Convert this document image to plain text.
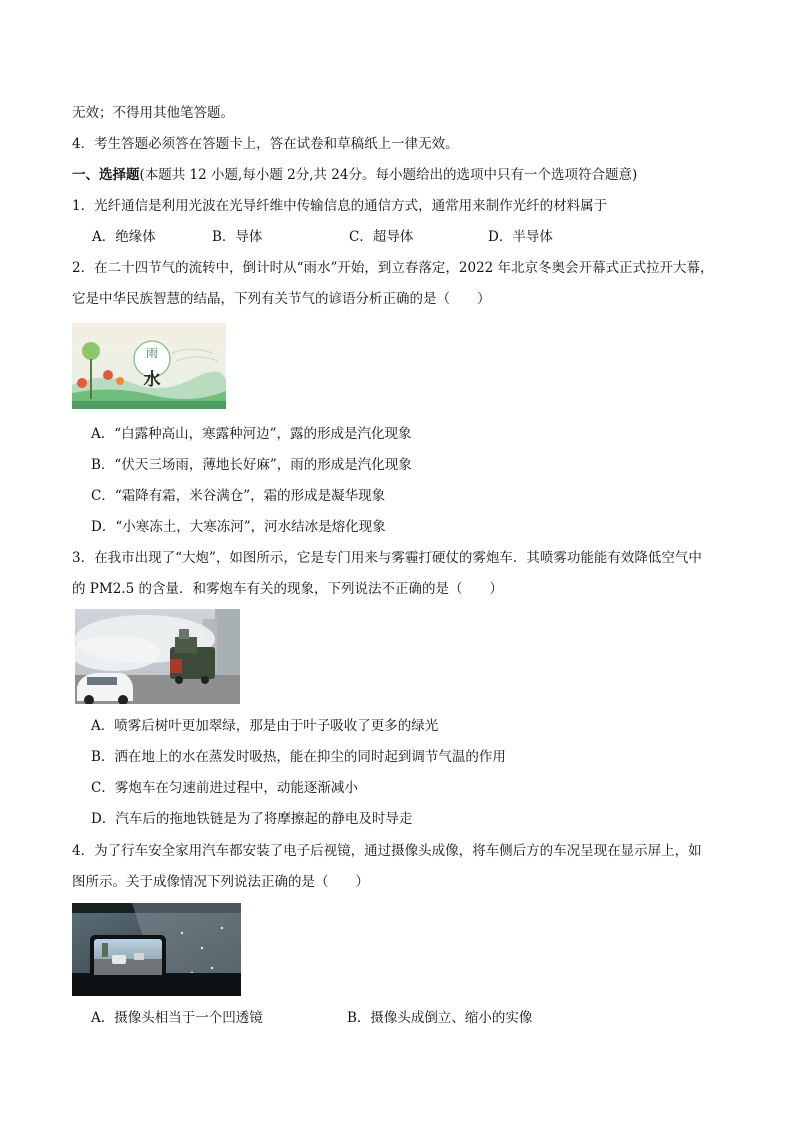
无效；不得用其他笔答题。
4．考生答题必须答在答题卡上，答在试卷和草稿纸上一律无效。
一、选择题(本题共 12 小题,每小题 2分,共 24分。每小题给出的选项中只有一个选项符合题意)
1．光纤通信是利用光波在光导纤维中传输信息的通信方式，通常用来制作光纤的材料属于
A．绝缘体	B．导体	C．超导体	D．半导体
2．在二十四节气的流转中，倒计时从“雨水”开始，到立春落定，2022 年北京冬奥会开幕式正式拉开大幕，
它是中华民族智慧的结晶，下列有关节气的谚语分析正确的是（　　）
雨
水
A．“白露种高山，寒露种河边”，露的形成是汽化现象
B．“伏天三场雨，薄地长好麻”，雨的形成是汽化现象
C．“霜降有霜，米谷满仓”，霜的形成是凝华现象
D．“小寒冻土，大寒冻河”，河水结冰是熔化现象
3．在我市出现了“大炮”，如图所示，它是专门用来与雾霾打硬仗的雾炮车．其喷雾功能能有效降低空气中
的 PM2.5 的含量．和雾炮车有关的现象，下列说法不正确的是（　　）
A．喷雾后树叶更加翠绿，那是由于叶子吸收了更多的绿光
B．洒在地上的水在蒸发时吸热，能在抑尘的同时起到调节气温的作用
C．雾炮车在匀速前进过程中，动能逐渐减小
D．汽车后的拖地铁链是为了将摩擦起的静电及时导走
4．为了行车安全家用汽车都安装了电子后视镜，通过摄像头成像，将车侧后方的车况呈现在显示屏上，如
图所示。关于成像情况下列说法正确的是（　　）
A．摄像头相当于一个凹透镜	B．摄像头成倒立、缩小的实像
